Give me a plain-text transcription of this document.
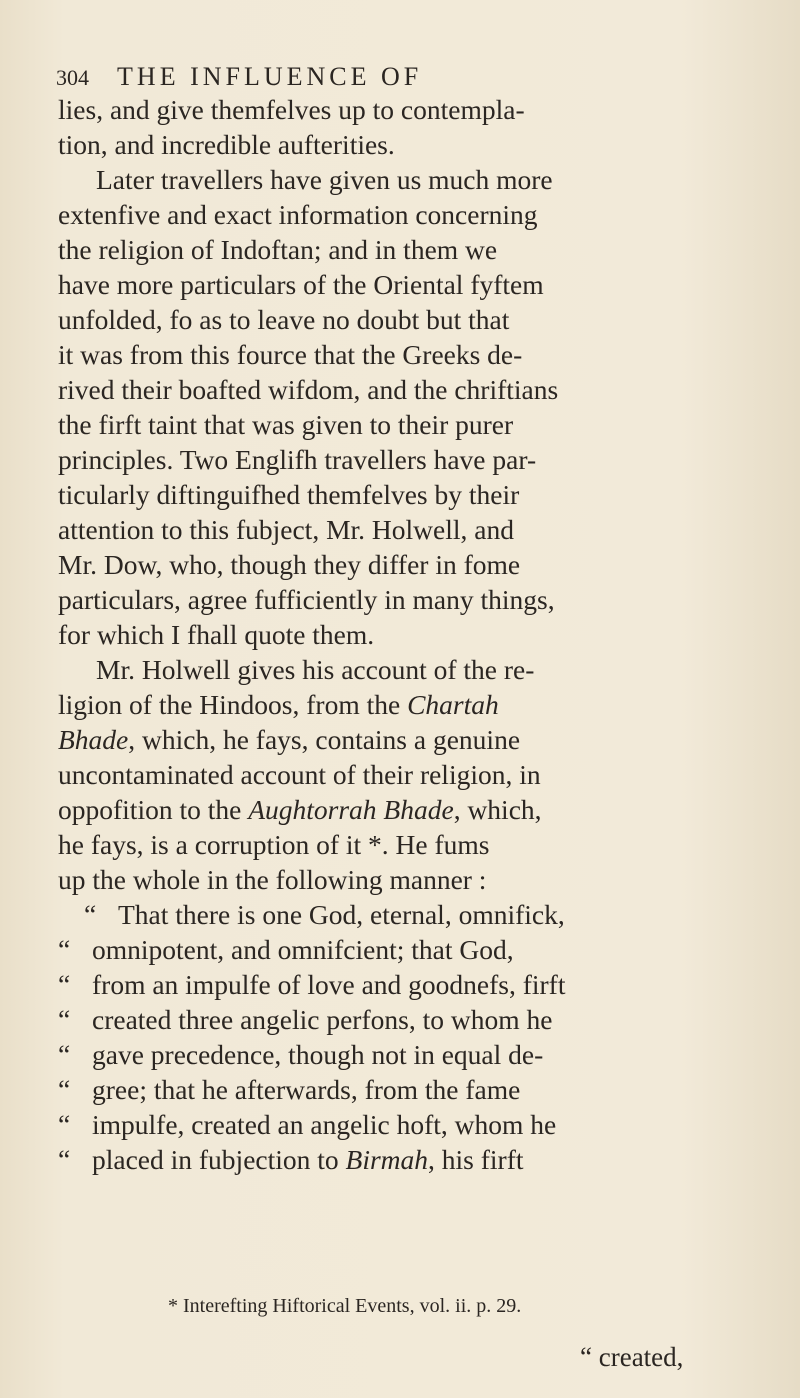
304 THE INFLUENCE OF
lies, and give themfelves up to contempla-
tion, and incredible aufterities.
Later travellers have given us much more
extenfive and exact information concerning
the religion of Indoftan; and in them we
have more particulars of the Oriental fyftem
unfolded, fo as to leave no doubt but that
it was from this fource that the Greeks de-
rived their boafted wifdom, and the chriftians
the firft taint that was given to their purer
principles. Two Englifh travellers have par-
ticularly diftinguifhed themfelves by their
attention to this fubject, Mr. Holwell, and
Mr. Dow, who, though they differ in fome
particulars, agree fufficiently in many things,
for which I fhall quote them.
Mr. Holwell gives his account of the re-
ligion of the Hindoos, from the Chartah
Bhade, which, he fays, contains a genuine
uncontaminated account of their religion, in
oppofition to the Aughtorrah Bhade, which,
he fays, is a corruption of it *. He fums
up the whole in the following manner :
“ That there is one God, eternal, omnifick,
“ omnipotent, and omnifcient; that God,
“ from an impulfe of love and goodnefs, firft
“ created three angelic perfons, to whom he
“ gave precedence, though not in equal de-
“ gree; that he afterwards, from the fame
“ impulfe, created an angelic hoft, whom he
“ placed in fubjection to Birmah, his firft
* Interefting Hiftorical Events, vol. ii. p. 29.
“ created,
